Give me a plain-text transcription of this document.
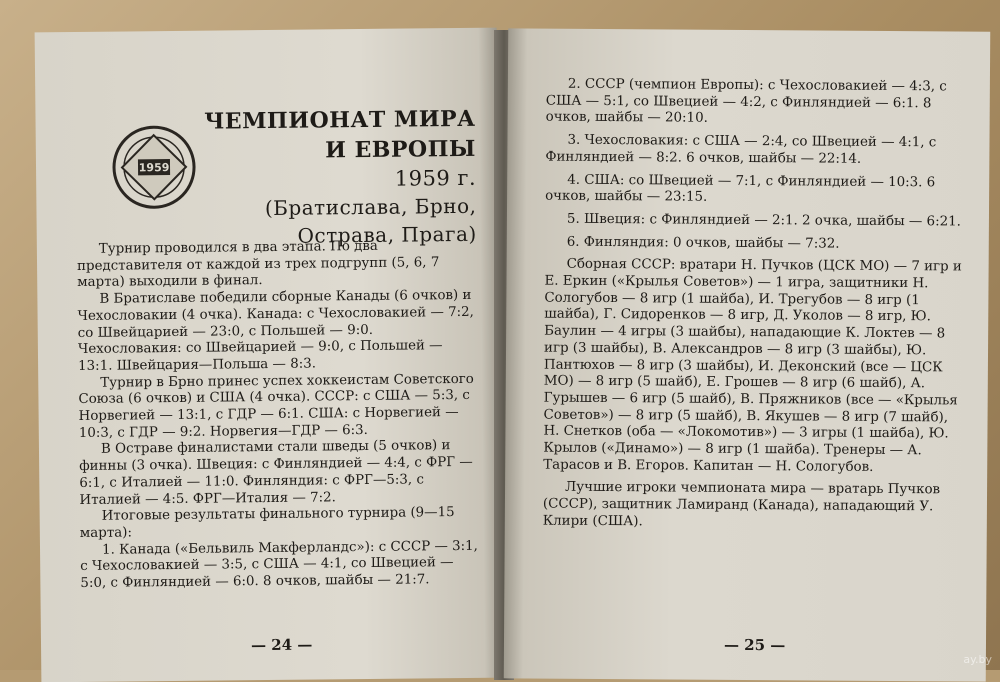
1959
ЧЕМПИОНАТ МИРА
И ЕВРОПЫ
1959 г.
(Братислава, Брно,
Острава, Прага)

Турнир проводился в два этапа. По два представителя от каждой из трех подгрупп (5, 6, 7 марта) выходили в финал.

В Братиславе победили сборные Канады (6 очков) и Чехословакии (4 очка). Канада: с Чехословакией — 7:2, со Швейцарией — 23:0, с Польшей — 9:0. Чехословакия: со Швейцарией — 9:0, с Польшей — 13:1. Швейцария—Польша — 8:3.

Турнир в Брно принес успех хоккеистам Советского Союза (6 очков) и США (4 очка). СССР: с США — 5:3, с Норвегией — 13:1, с ГДР — 6:1. США: с Норвегией — 10:3, с ГДР — 9:2. Норвегия—ГДР — 6:3.

В Остраве финалистами стали шведы (5 очков) и финны (3 очка). Швеция: с Финляндией — 4:4, с ФРГ — 6:1, с Италией — 11:0. Финляндия: с ФРГ—5:3, с Италией — 4:5. ФРГ—Италия — 7:2.

Итоговые результаты финального турнира (9—15 марта):

1. Канада («Бельвиль Макферландс»): с СССР — 3:1, с Чехословакией — 3:5, с США — 4:1, со Швецией — 5:0, с Финляндией — 6:0. 8 очков, шайбы — 21:7.

— 24 —

2. СССР (чемпион Европы): с Чехословакией — 4:3, с США — 5:1, со Швецией — 4:2, с Финляндией — 6:1. 8 очков, шайбы — 20:10.

3. Чехословакия: с США — 2:4, со Швецией — 4:1, с Финляндией — 8:2. 6 очков, шайбы — 22:14.

4. США: со Швецией — 7:1, с Финляндией — 10:3. 6 очков, шайбы — 23:15.

5. Швеция: с Финляндией — 2:1. 2 очка, шайбы — 6:21.

6. Финляндия: 0 очков, шайбы — 7:32.

Сборная СССР: вратари Н. Пучков (ЦСК МО) — 7 игр и Е. Еркин («Крылья Советов») — 1 игра, защитники Н. Сологубов — 8 игр (1 шайба), И. Трегубов — 8 игр (1 шайба), Г. Сидоренков — 8 игр, Д. Уколов — 8 игр, Ю. Баулин — 4 игры (3 шайбы), нападающие К. Локтев — 8 игр (3 шайбы), В. Александров — 8 игр (3 шайбы), Ю. Пантюхов — 8 игр (3 шайбы), И. Деконский (все — ЦСК МО) — 8 игр (5 шайб), Е. Грошев — 8 игр (6 шайб), А. Гурышев — 6 игр (5 шайб), В. Пряжников (все — «Крылья Советов») — 8 игр (5 шайб), В. Якушев — 8 игр (7 шайб), Н. Снетков (оба — «Локомотив») — 3 игры (1 шайба), Ю. Крылов («Динамо») — 8 игр (1 шайба). Тренеры — А. Тарасов и В. Егоров. Капитан — Н. Сологубов.

Лучшие игроки чемпионата мира — вратарь Пучков (СССР), защитник Ламиранд (Канада), нападающий У. Клири (США).

— 25 —
ay.by
